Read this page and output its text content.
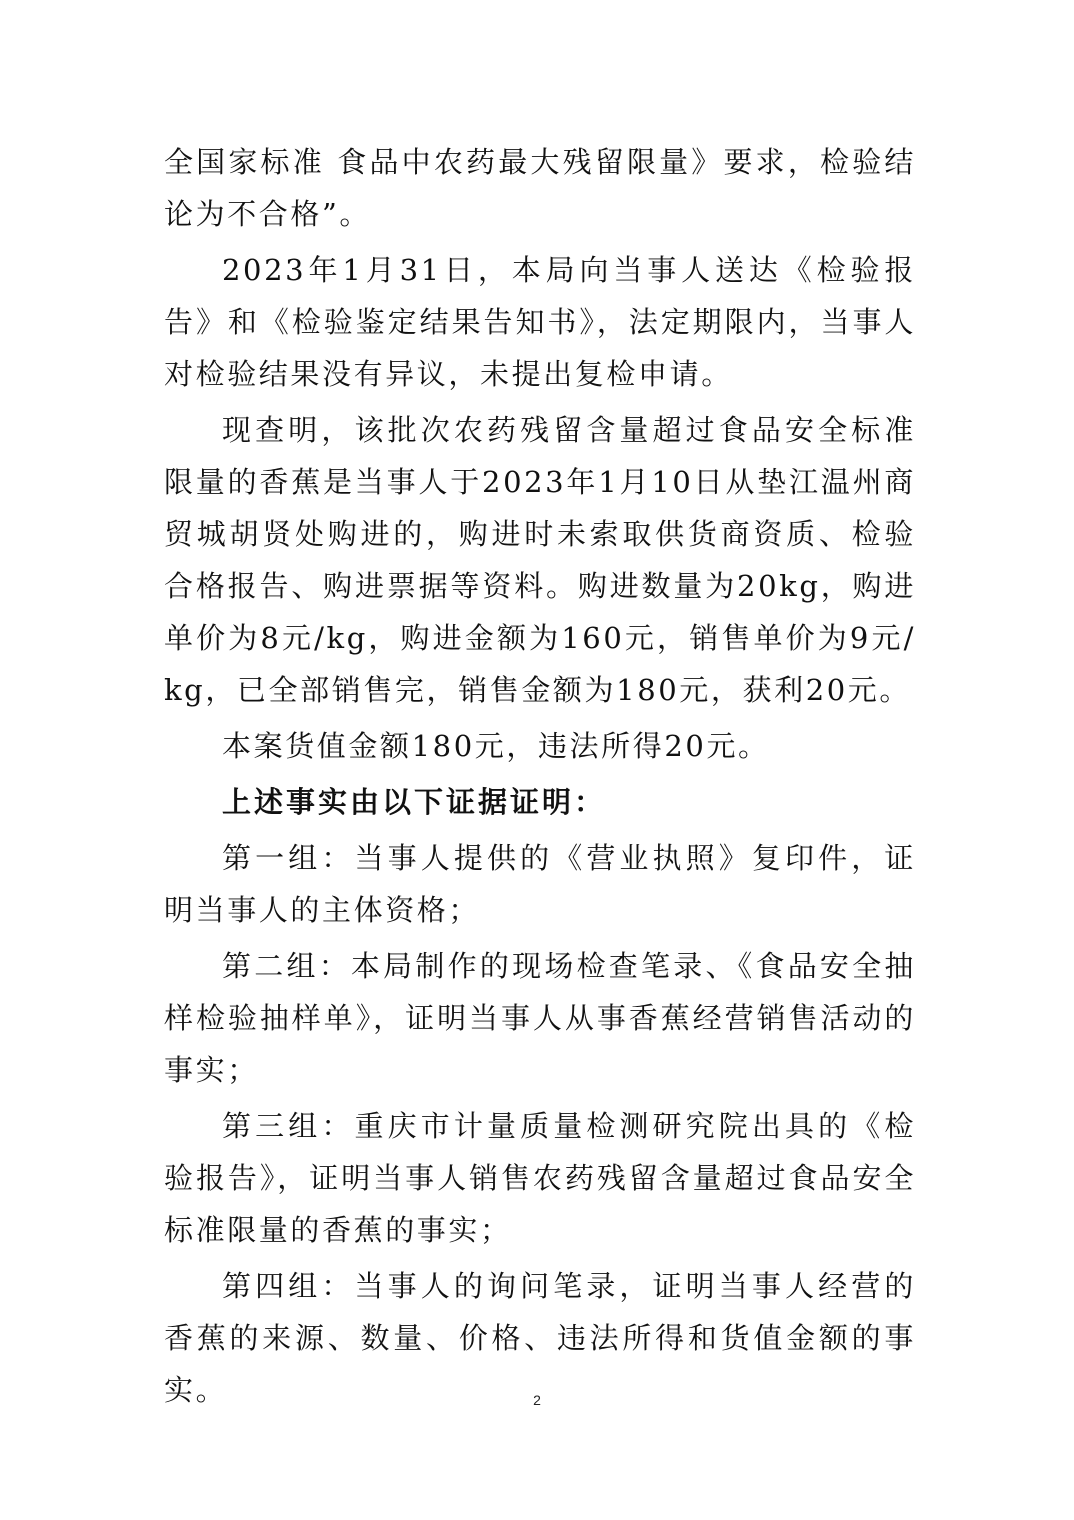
全国家标准 食品中农药最大残留限量》要求，检验结论为不合格”。

2023年1月31日，本局向当事人送达《检验报告》和《检验鉴定结果告知书》，法定期限内，当事人对检验结果没有异议，未提出复检申请。

现查明，该批次农药残留含量超过食品安全标准限量的香蕉是当事人于2023年1月10日从垫江温州商贸城胡贤处购进的，购进时未索取供货商资质、检验合格报告、购进票据等资料。购进数量为20kg，购进单价为8元/kg，购进金额为160元，销售单价为9元/kg，已全部销售完，销售金额为180元，获利20元。

本案货值金额180元，违法所得20元。

上述事实由以下证据证明：

第一组：当事人提供的《营业执照》复印件，证明当事人的主体资格；

第二组：本局制作的现场检查笔录、《食品安全抽样检验抽样单》，证明当事人从事香蕉经营销售活动的事实；

第三组：重庆市计量质量检测研究院出具的《检验报告》，证明当事人销售农药残留含量超过食品安全标准限量的香蕉的事实；

第四组：当事人的询问笔录，证明当事人经营的香蕉的来源、数量、价格、违法所得和货值金额的事实。	2
